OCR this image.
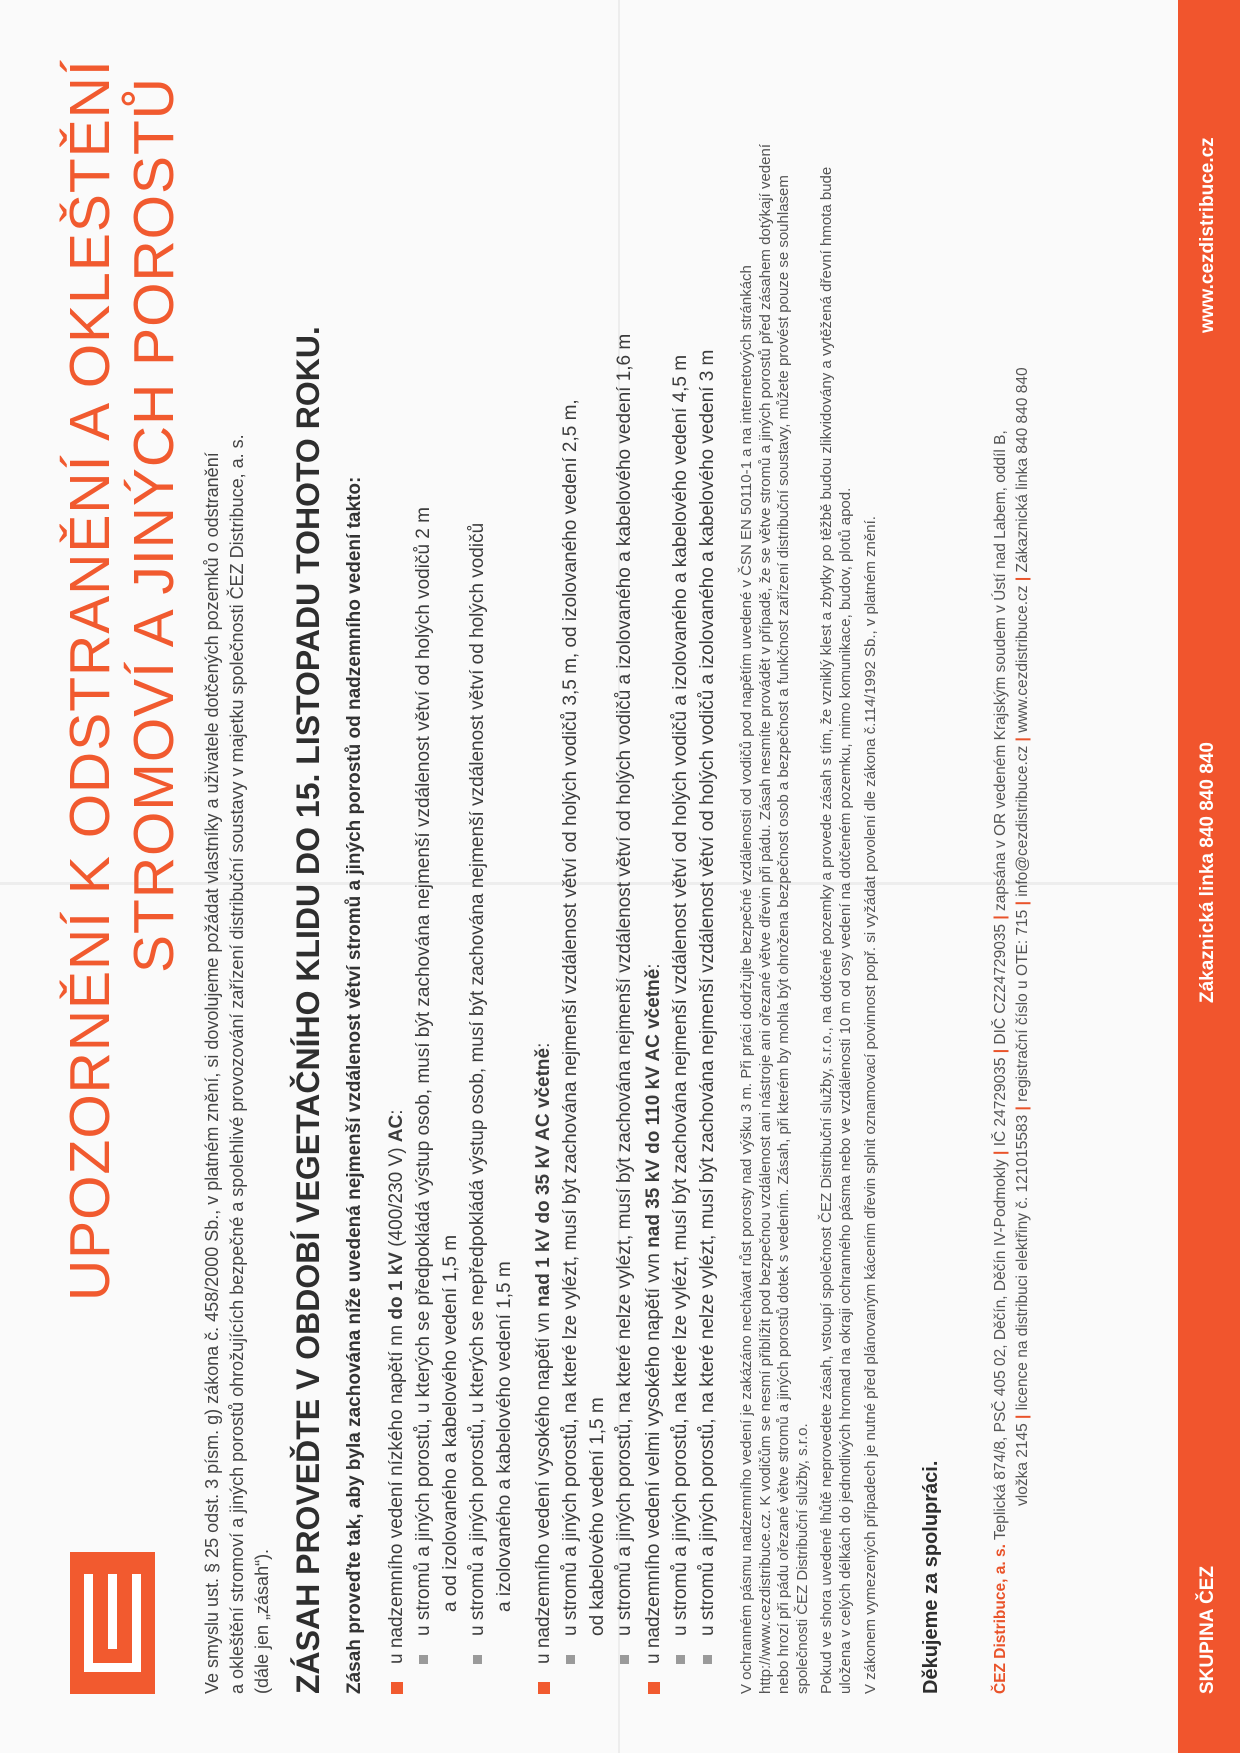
UPOZORNĚNÍ K ODSTRANĚNÍ A OKLEŠTĚNÍ STROMOVÍ A JINÝCH POROSTŮ Ve smyslu ust. § 25 odst. 3 písm. g) zákona č. 458/2000 Sb., v platném znění, si dovolujeme požádat vlastníky a uživatele dotčených pozemků o odstranění a okleštění stromoví a jiných porostů ohrožujících bezpečné a spolehlivé provozování zařízení distribuční soustavy v majetku společnosti ČEZ Distribuce, a. s. (dále jen „zásah“). ZÁSAH PROVEĎTE V OBDOBÍ VEGETAČNÍHO KLIDU DO 15. LISTOPADU TOHOTO ROKU. Zásah proveďte tak, aby byla zachována níže uvedená nejmenší vzdálenost větví stromů a jiných porostů od nadzemního vedení takto:
u nadzemního vedení nízkého napětí nn do 1 kV (400/230 V) AC: u stromů a jiných porostů, u kterých se předpokládá výstup osob, musí být zachována nejmenší vzdálenost větví od holých vodičů 2 m a od izolovaného a kabelového vedení 1,5 m u stromů a jiných porostů, u kterých se nepředpokládá výstup osob, musí být zachována nejmenší vzdálenost větví od holých vodičů a izolovaného a kabelového vedení 1,5 m u nadzemního vedení vysokého napětí vn nad 1 kV do 35 kV AC včetně: u stromů a jiných porostů, na které lze vylézt, musí být zachována nejmenší vzdálenost větví od holých vodičů 3,5 m, od izolovaného vedení 2,5 m, od kabelového vedení 1,5 m u stromů a jiných porostů, na které nelze vylézt, musí být zachována nejmenší vzdálenost větví od holých vodičů a izolovaného a kabelového vedení 1,6 m u nadzemního vedení velmi vysokého napětí vvn nad 35 kV do 110 kV AC včetně: u stromů a jiných porostů, na které lze vylézt, musí být zachována nejmenší vzdálenost větví od holých vodičů a izolovaného a kabelového vedení 4,5 m u stromů a jiných porostů, na které nelze vylézt, musí být zachována nejmenší vzdálenost větví od holých vodičů a izolovaného a kabelového vedení 3 m V ochranném pásmu nadzemního vedení je zakázáno nechávat růst porosty nad výšku 3 m. Při práci dodržujte bezpečné vzdálenosti od vodičů pod napětím uvedené v ČSN EN 50110-1 a na internetových stránkách http://www.cezdistribuce.cz. K vodičům se nesmí přiblížit pod bezpečnou vzdálenost ani nástroje ani ořezané větve dřevin při pádu. Zásah nesmíte provádět v případě, že se větve stromů a jiných porostů před zásahem dotýkají vedení nebo hrozí při pádu ořezané větve stromů a jiných porostů dotek s vedením. Zásah, při kterém by mohla být ohrožena bezpečnost osob a bezpečnost a funkčnost zařízení distribuční soustavy, můžete provést pouze se souhlasem společnosti ČEZ Distribuční služby, s.r.o. Pokud ve shora uvedené lhůtě neprovedete zásah, vstoupí společnost ČEZ Distribuční služby, s.r.o., na dotčené pozemky a provede zásah s tím, že vzniklý klest a zbytky po těžbě budou zlikvidovány a vytěžená dřevní hmota bude uložena v celých délkách do jednotlivých hromad na okraji ochranného pásma nebo ve vzdálenosti 10 m od osy vedení na dotčeném pozemku, mimo komunikace, budov, plotů apod. V zákonem vymezených případech je nutné před plánovaným kácením dřevin splnit oznamovací povinnost popř. si vyžádat povolení dle zákona č.114/1992 Sb., v platném znění. Děkujeme za spolupráci.	ČEZ Distribuce, a. s. Teplická 874/8, PSČ 405 02, Děčín, Děčín IV-Podmokly | IČ 24729035 | DIČ CZ24729035 | zapsána v OR vedeném Krajským soudem v Ústí nad Labem, oddíl B,
vložka 2145 | licence na distribuci elektřiny č. 121015583 | registrační číslo u OTE: 715 | info@cezdistribuce.cz | www.cezdistribuce.cz | Zákaznická linka 840 840 840
SKUPINA ČEZ
Zákaznická linka 840 840 840
www.cezdistribuce.cz
